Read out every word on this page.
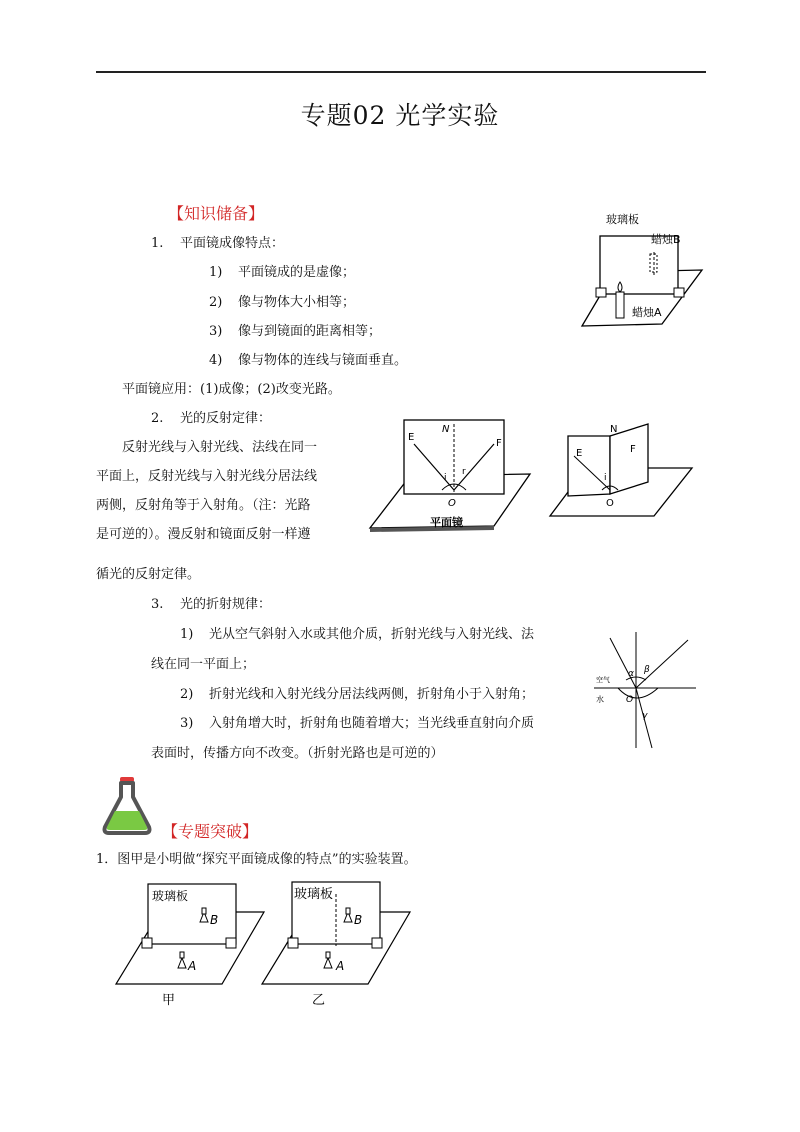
专题02 光学实验
【知识储备】
1. 平面镜成像特点：
1) 平面镜成的是虚像；
2) 像与物体大小相等；
3) 像与到镜面的距离相等；
4) 像与物体的连线与镜面垂直。
平面镜应用：(1)成像；(2)改变光路。
2. 光的反射定律：
反射光线与入射光线、法线在同一
平面上，反射光线与入射光线分居法线
两侧，反射角等于入射角。（注：光路
是可逆的）。漫反射和镜面反射一样遵
循光的反射定律。
3. 光的折射规律：
1) 光从空气斜射入水或其他介质，折射光线与入射光线、法
线在同一平面上；
2) 折射光线和入射光线分居法线两侧，折射角小于入射角；
3) 入射角增大时，折射角也随着增大；当光线垂直射向介质
表面时，传播方向不改变。（折射光路也是可逆的）
【专题突破】
1．图甲是小明做“探究平面镜成像的特点”的实验装置。
玻璃板
蜡烛B
蜡烛A
E
N
F
i
r
O
平面镜
E
N
F
i
O
空气
水 O
α β
γ
玻璃板
B
A
甲
玻璃板
B
A
乙
